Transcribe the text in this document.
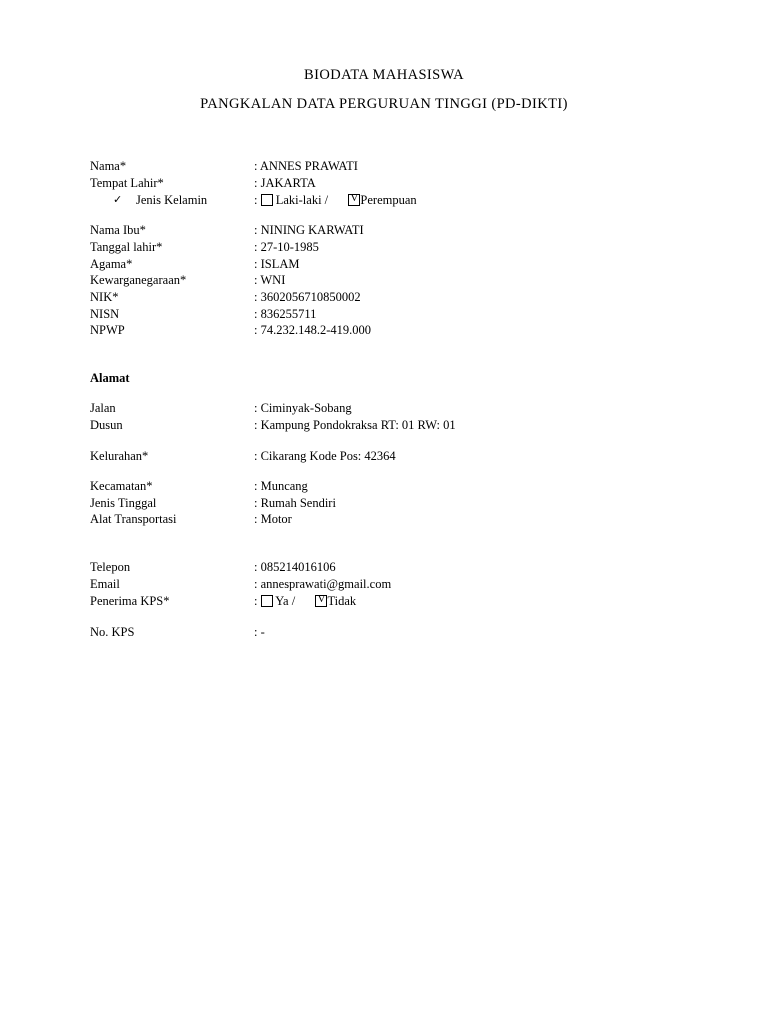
BIODATA MAHASISWA
PANGKALAN DATA PERGURUAN TINGGI (PD-DIKTI)
Nama*	: ANNES PRAWATI
Tempat Lahir*	: JAKARTA
✓ Jenis Kelamin	: Laki-laki / V Perempuan
Nama Ibu*	: NINING KARWATI
Tanggal lahir*	: 27-10-1985
Agama*	: ISLAM
Kewarganegaraan*	: WNI
NIK*	: 3602056710850002
NISN	: 836255711
NPWP	: 74.232.148.2-419.000
Alamat
Jalan	: Ciminyak-Sobang
Dusun	: Kampung Pondokraksa RT: 01 RW: 01
Kelurahan*	: Cikarang Kode Pos: 42364
Kecamatan*	: Muncang
Jenis Tinggal	: Rumah Sendiri
Alat Transportasi	: Motor
Telepon	: 085214016106
Email	: annesprawati@gmail.com
Penerima KPS*	: Ya / V Tidak
No. KPS	: -
